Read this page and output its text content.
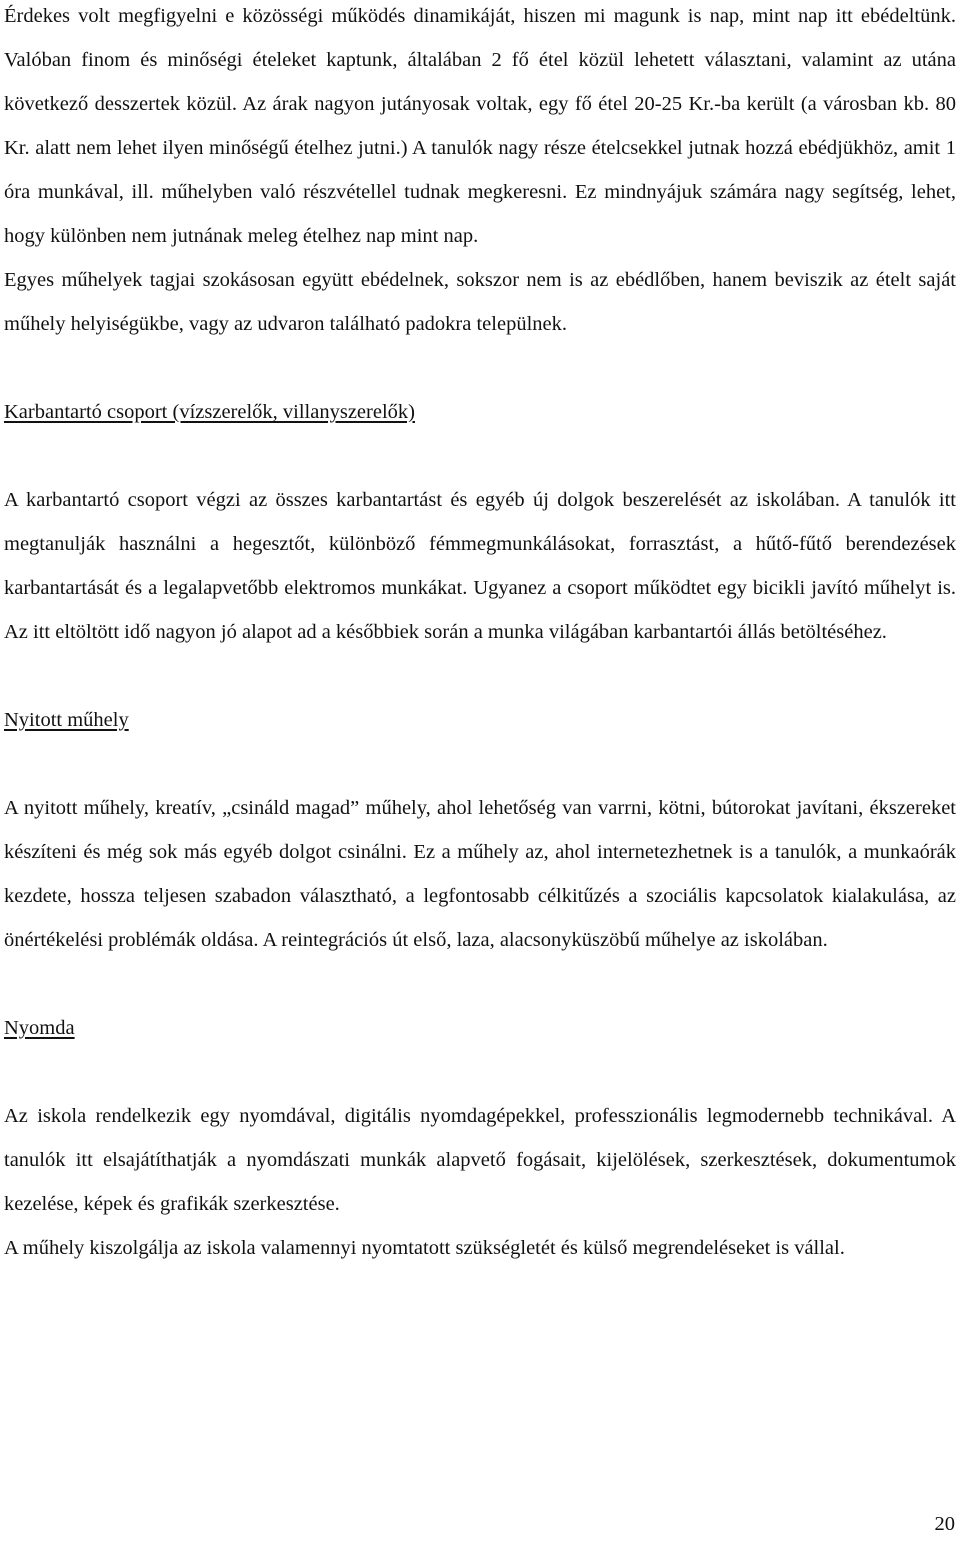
Érdekes volt megfigyelni e közösségi működés dinamikáját, hiszen mi magunk is nap, mint nap itt ebédeltünk. Valóban finom és minőségi ételeket kaptunk, általában 2 fő étel közül lehetett választani, valamint az utána következő desszertek közül. Az árak nagyon jutányosak voltak, egy fő étel 20-25 Kr.-ba került (a városban kb. 80 Kr. alatt nem lehet ilyen minőségű ételhez jutni.) A tanulók nagy része ételcsekkel jutnak hozzá ebédjükhöz, amit 1 óra munkával, ill. műhelyben való részvétellel tudnak megkeresni. Ez mindnyájuk számára nagy segítség, lehet, hogy különben nem jutnának meleg ételhez nap mint nap.

Egyes műhelyek tagjai szokásosan együtt ebédelnek, sokszor nem is az ebédlőben, hanem beviszik az ételt saját műhely helyiségükbe, vagy az udvaron található padokra települnek.

Karbantartó csoport (vízszerelők, villanyszerelők)

A karbantartó csoport végzi az összes karbantartást és egyéb új dolgok beszerelését az iskolában. A tanulók itt megtanulják használni a hegesztőt, különböző fémmegmunkálásokat, forrasztást, a hűtő-fűtő berendezések karbantartását és a legalapvetőbb elektromos munkákat. Ugyanez a csoport működtet egy bicikli javító műhelyt is. Az itt eltöltött idő nagyon jó alapot ad a későbbiek során a munka világában karbantartói állás betöltéséhez.

Nyitott műhely

A nyitott műhely, kreatív, „csináld magad” műhely, ahol lehetőség van varrni, kötni, bútorokat javítani, ékszereket készíteni és még sok más egyéb dolgot csinálni. Ez a műhely az, ahol internetezhetnek is a tanulók, a munkaórák kezdete, hossza teljesen szabadon választható, a legfontosabb célkitűzés a szociális kapcsolatok kialakulása, az önértékelési problémák oldása. A reintegrációs út első, laza, alacsonyküszöbű műhelye az iskolában.

Nyomda

Az iskola rendelkezik egy nyomdával, digitális nyomdagépekkel, professzionális legmodernebb technikával. A tanulók itt elsajátíthatják a nyomdászati munkák alapvető fogásait, kijelölések, szerkesztések, dokumentumok kezelése, képek és grafikák szerkesztése.

A műhely kiszolgálja az iskola valamennyi nyomtatott szükségletét és külső megrendeléseket is vállal.

20
